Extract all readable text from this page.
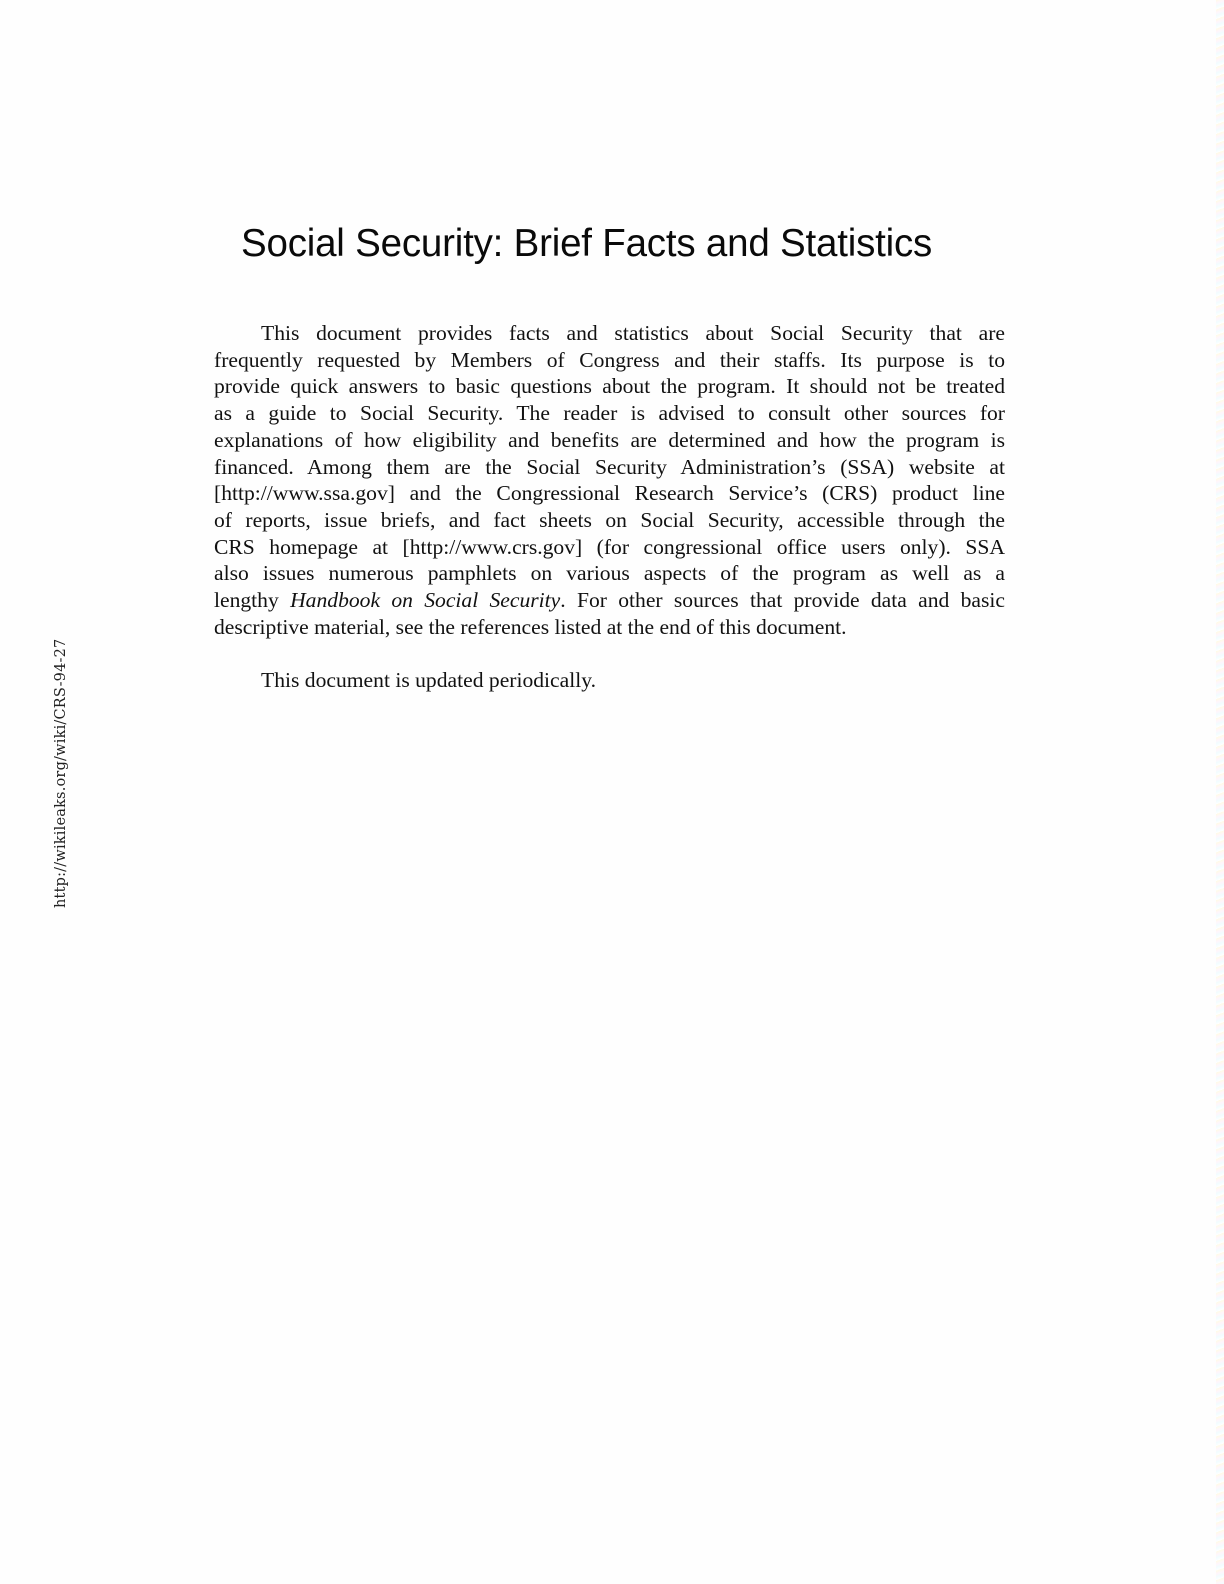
http://wikileaks.org/wiki/CRS-94-27
Social Security: Brief Facts and Statistics
This document provides facts and statistics about Social Security that are
frequently requested by Members of Congress and their staffs. Its purpose is to
provide quick answers to basic questions about the program. It should not be treated
as a guide to Social Security. The reader is advised to consult other sources for
explanations of how eligibility and benefits are determined and how the program is
financed. Among them are the Social Security Administration’s (SSA) website at
[http://www.ssa.gov] and the Congressional Research Service’s (CRS) product line
of reports, issue briefs, and fact sheets on Social Security, accessible through the
CRS homepage at [http://www.crs.gov] (for congressional office users only). SSA
also issues numerous pamphlets on various aspects of the program as well as a
lengthy Handbook on Social Security. For other sources that provide data and basic
descriptive material, see the references listed at the end of this document.
This document is updated periodically.
